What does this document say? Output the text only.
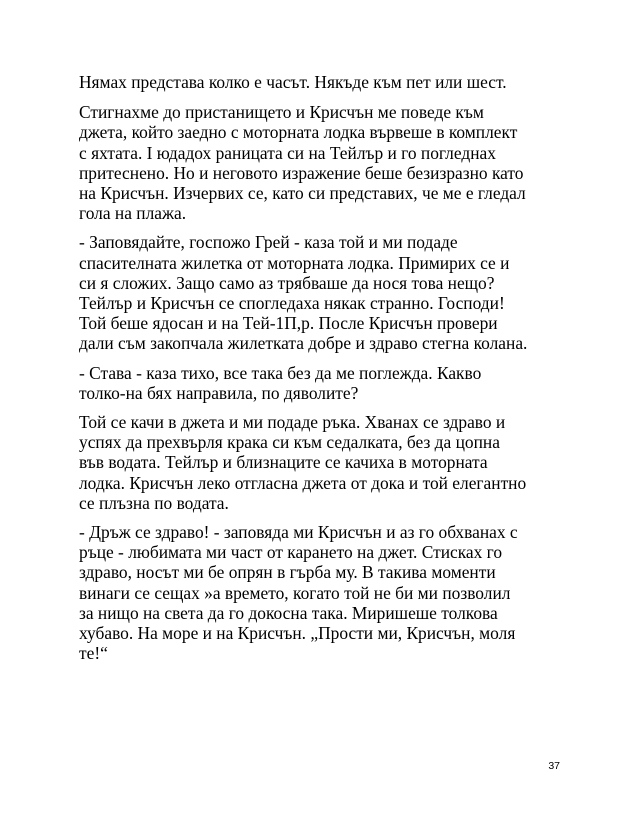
Нямах представа колко е часът. Някъде към пет или шест.

Стигнахме до пристанището и Крисчън ме поведе към
джета, който заедно с моторната лодка вървеше в комплект
с яхтата. І юдадох раницата си на Тейлър и го погледнах
притеснено. Но и неговото изражение беше безизразно като
на Крисчън. Изчервих се, като си представих, че ме е гледал
гола на плажа.

- Заповядайте, госпожо Грей - каза той и ми подаде
спасителната жилетка от моторната лодка. Примирих се и
си я сложих. Защо само аз трябваше да нося това нещо?
Тейлър и Крисчън се спогледаха някак странно. Господи!
Той беше ядосан и на Тей-1П,р. После Крисчън провери
дали съм закопчала жилетката добре и здраво стегна колана.

- Става - каза тихо, все така без да ме поглежда. Какво
толко-на бях направила, по дяволите?

Той се качи в джета и ми подаде ръка. Хванах се здраво и
успях да прехвърля крака си към седалката, без да цопна
във водата. Тейлър и близнаците се качиха в моторната
лодка. Крисчън леко отгласна джета от дока и той елегантно
се плъзна по водата.

- Дръж се здраво! - заповяда ми Крисчън и аз го обхванах с
ръце - любимата ми част от карането на джет. Стисках го
здраво, носът ми бе опрян в гърба му. В такива моменти
винаги се сещах »а времето, когато той не би ми позволил
за нищо на света да го докосна така. Миришеше толкова
хубаво. На море и на Крисчън. „Прости ми, Крисчън, моля
те!“

37
